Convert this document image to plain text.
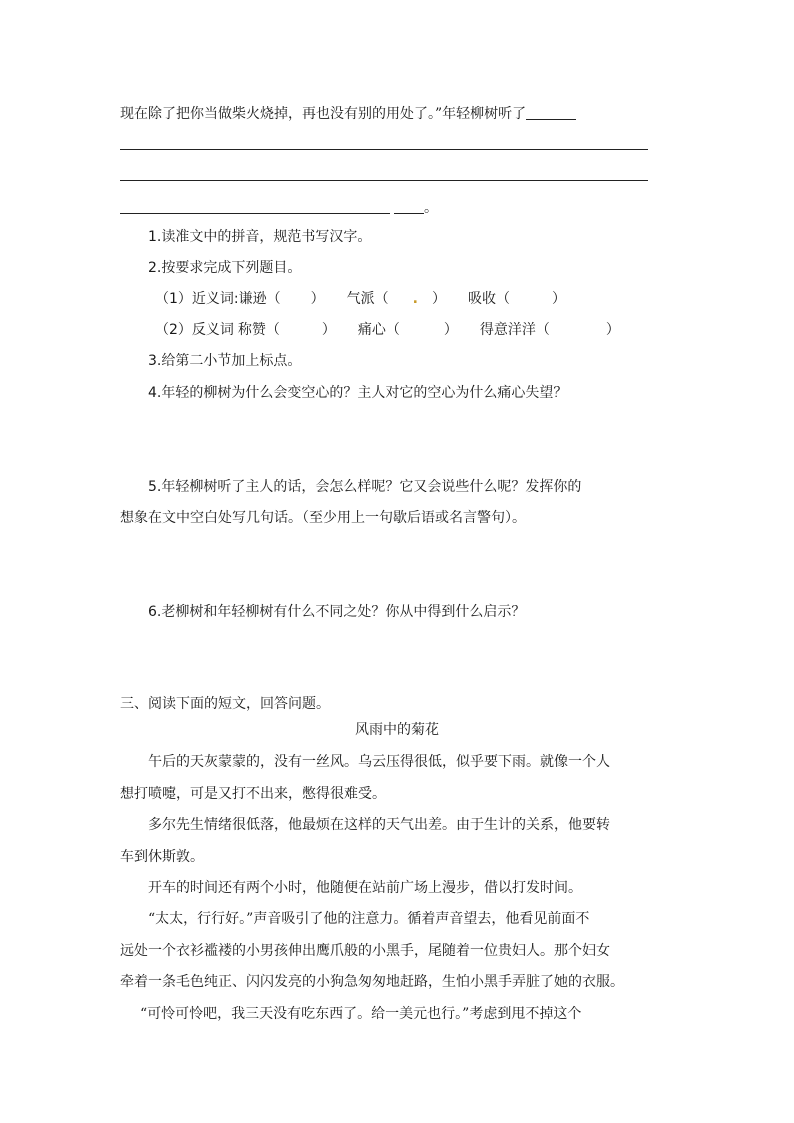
现在除了把你当做柴火烧掉，再也没有别的用处了。”年轻柳树听了
。
1.读准文中的拼音，规范书写汉字。
2.按要求完成下列题目。
（1）近义词:谦逊（ ） 气派（ . ） 吸收（	）
（2）反义词 称赞（	） 痛心（	） 得意洋洋（	）
3.给第二小节加上标点。
4.年轻的柳树为什么会变空心的？主人对它的空心为什么痛心失望？
5.年轻柳树听了主人的话，会怎么样呢？它又会说些什么呢？发挥你的
想象在文中空白处写几句话。（至少用上一句歇后语或名言警句）。
6.老柳树和年轻柳树有什么不同之处？你从中得到什么启示？
三、阅读下面的短文，回答问题。
风雨中的菊花
午后的天灰蒙蒙的，没有一丝风。乌云压得很低，似乎要下雨。就像一个人
想打喷嚏，可是又打不出来，憋得很难受。
多尔先生情绪很低落，他最烦在这样的天气出差。由于生计的关系，他要转
车到休斯敦。
开车的时间还有两个小时，他随便在站前广场上漫步，借以打发时间。
“太太，行行好。”声音吸引了他的注意力。循着声音望去，他看见前面不
远处一个衣衫褴褛的小男孩伸出鹰爪般的小黑手，尾随着一位贵妇人。那个妇女
牵着一条毛色纯正、闪闪发亮的小狗急匆匆地赶路，生怕小黑手弄脏了她的衣服。
“可怜可怜吧，我三天没有吃东西了。给一美元也行。”考虑到甩不掉这个
